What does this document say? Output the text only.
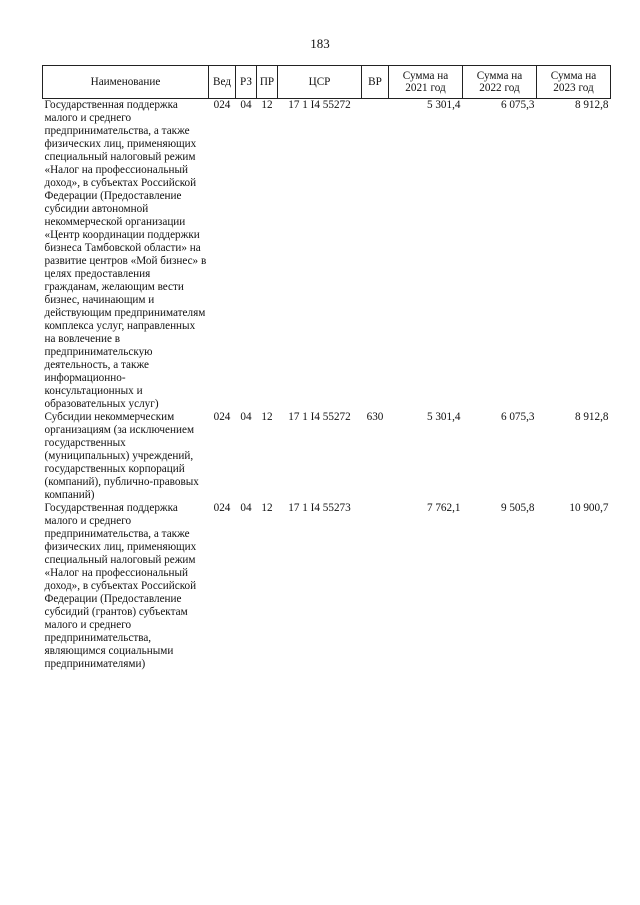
183
Наименование	Вед	РЗ	ПР	ЦСР	ВР	Сумма на 2021 год	Сумма на 2022 год	Сумма на 2023 год
Государственная поддержка малого и среднего предпринимательства, а также физических лиц, применяющих специальный налоговый режим «Налог на профессиональный доход», в субъектах Российской Федерации (Предоставление субсидии автономной некоммерческой организации «Центр координации поддержки бизнеса Тамбовской области» на развитие центров «Мой бизнес» в целях предоставления гражданам, желающим вести бизнес, начинающим и действующим предпринимателям комплекса услуг, направленных на вовлечение в предпринимательскую деятельность, а также информационно-консультационных и образовательных услуг)	024	04	12	17 1 I4 55272		5 301,4	6 075,3	8 912,8
Субсидии некоммерческим организациям (за исключением государственных (муниципальных) учреждений, государственных корпораций (компаний), публично-правовых компаний)	024	04	12	17 1 I4 55272	630	5 301,4	6 075,3	8 912,8
Государственная поддержка малого и среднего предпринимательства, а также физических лиц, применяющих специальный налоговый режим «Налог на профессиональный доход», в субъектах Российской Федерации (Предоставление субсидий (грантов) субъектам малого и среднего предпринимательства, являющимся социальными предпринимателями)	024	04	12	17 1 I4 55273		7 762,1	9 505,8	10 900,7
